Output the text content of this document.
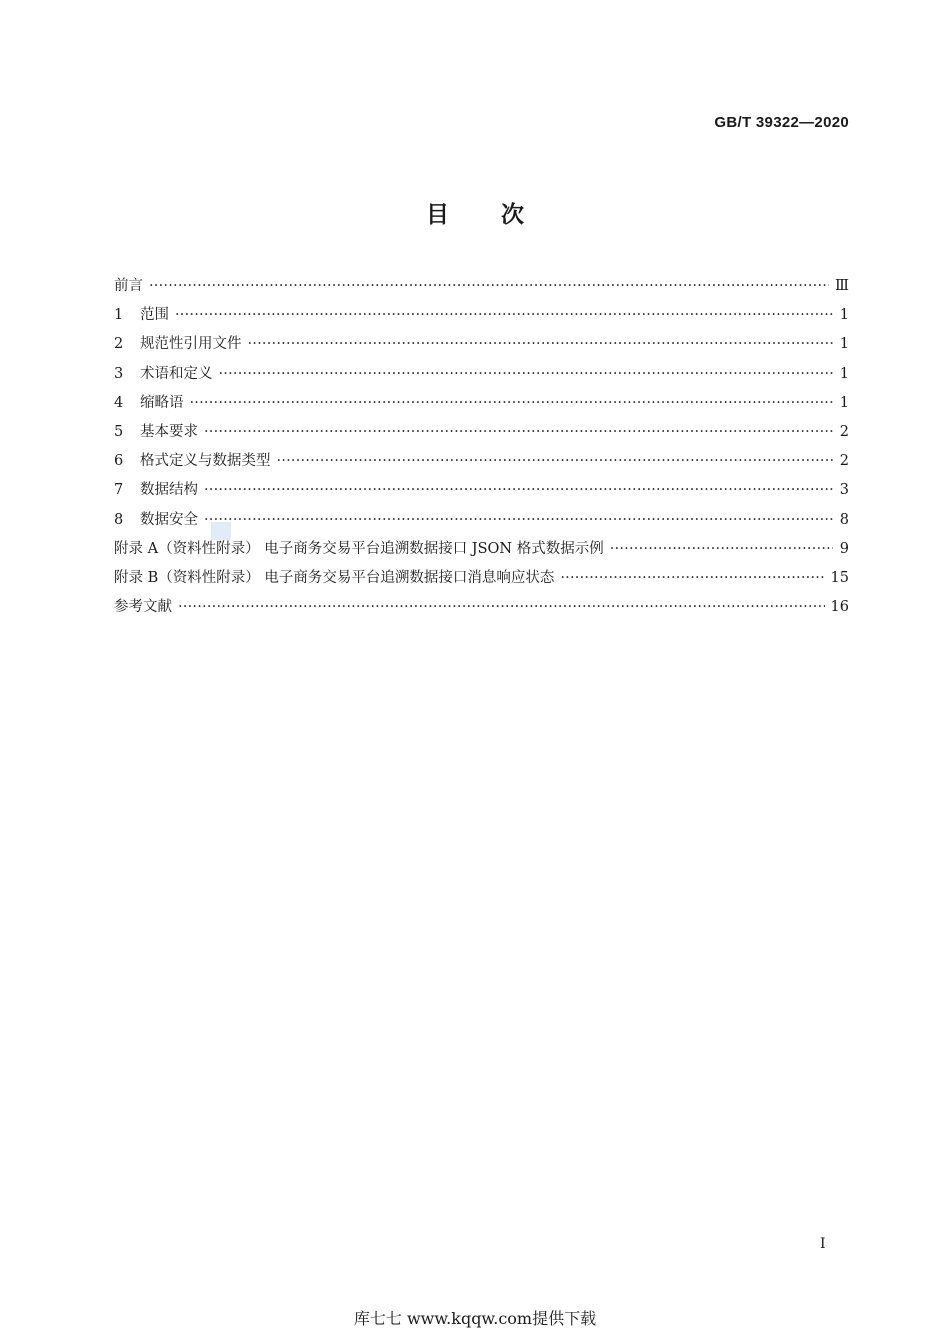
GB/T 39322—2020
目 次
前言 ·····	Ⅲ
1	范围 ·····	1
2	规范性引用文件 ·····	1
3	术语和定义 ·····	1
4	缩略语 ·····	1
5	基本要求 ·····	2
6	格式定义与数据类型 ·····	2
7	数据结构 ·····	3
8	数据安全 ·····	8
附录 A（资料性附录） 电子商务交易平台追溯数据接口 JSON 格式数据示例 ·····	9
附录 B（资料性附录） 电子商务交易平台追溯数据接口消息响应状态 ·····	15
参考文献 ·····	16
Ⅰ
库七七 www.kqqw.com提供下载
